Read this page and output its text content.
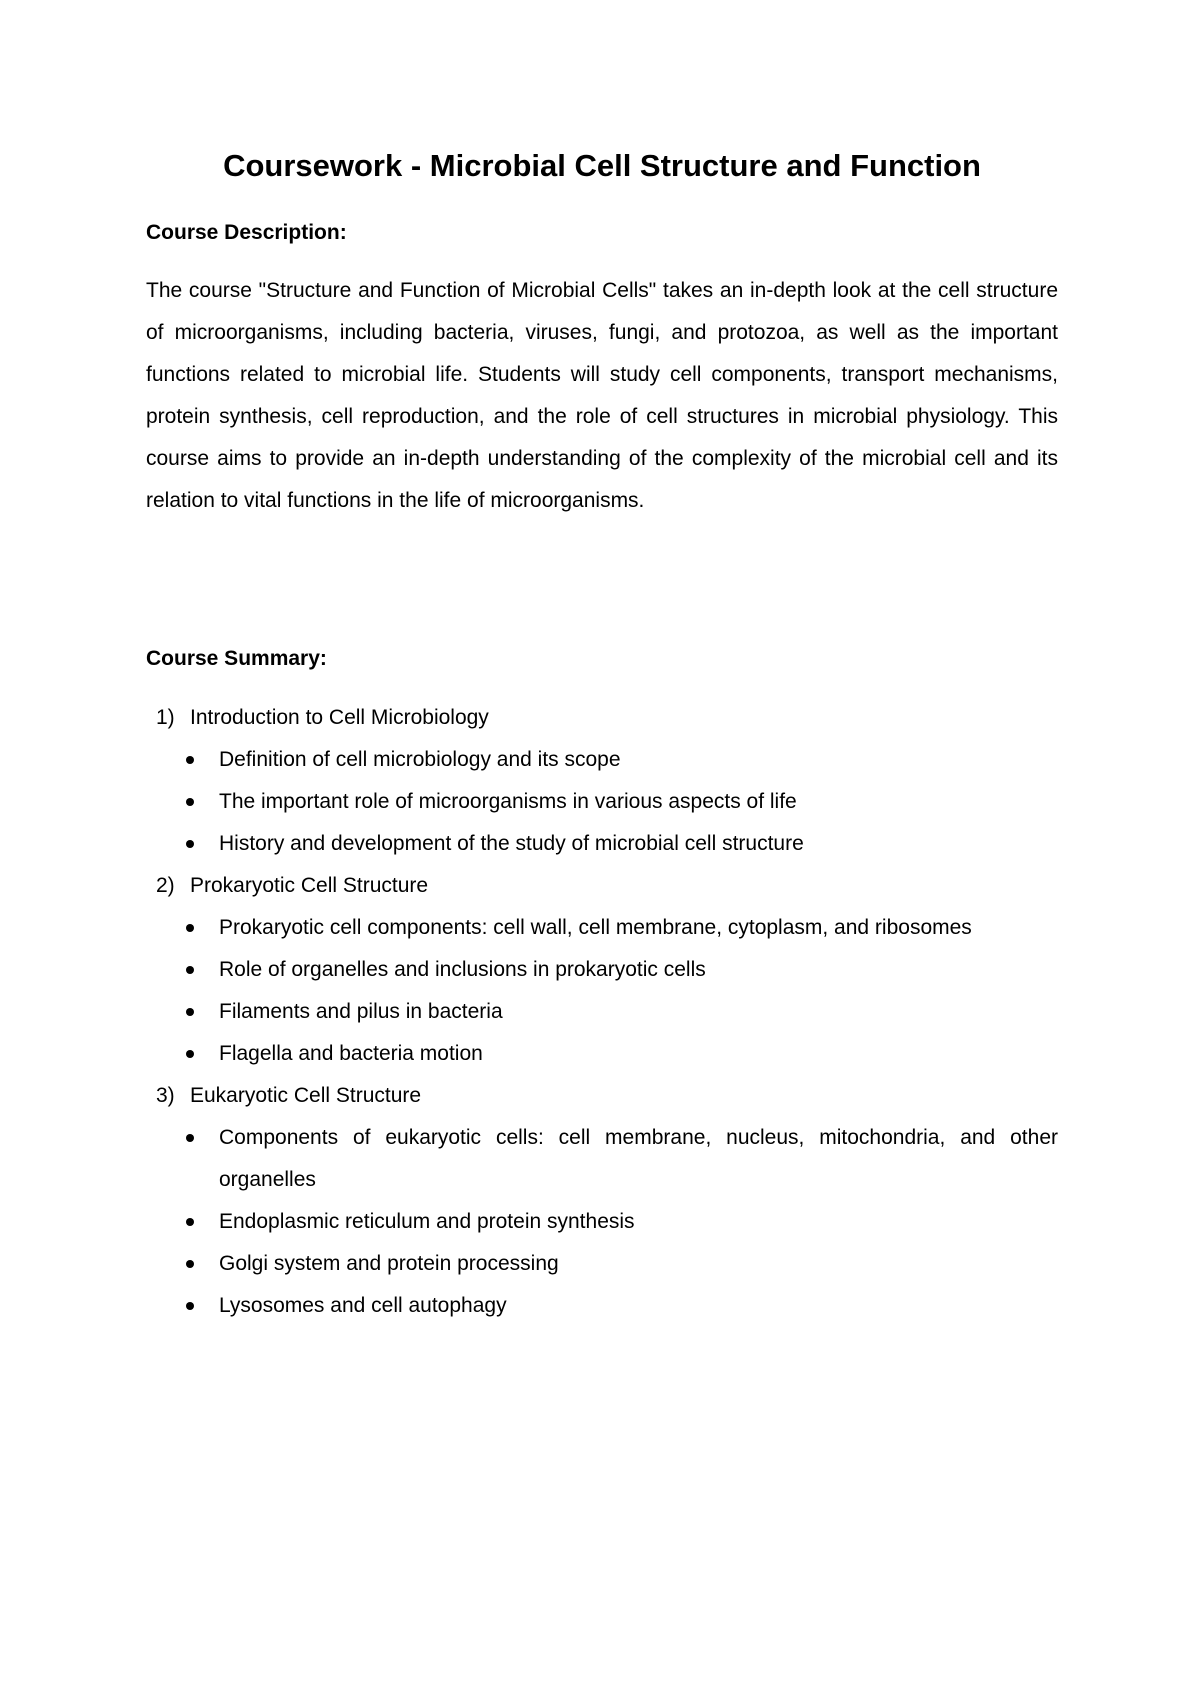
Coursework - Microbial Cell Structure and Function
Course Description:

The course "Structure and Function of Microbial Cells" takes an in-depth look at the cell structure of microorganisms, including bacteria, viruses, fungi, and protozoa, as well as the important functions related to microbial life. Students will study cell components, transport mechanisms, protein synthesis, cell reproduction, and the role of cell structures in microbial physiology. This course aims to provide an in-depth understanding of the complexity of the microbial cell and its relation to vital functions in the life of microorganisms.

Course Summary:
1) Introduction to Cell Microbiology
Definition of cell microbiology and its scope
The important role of microorganisms in various aspects of life
History and development of the study of microbial cell structure
2) Prokaryotic Cell Structure
Prokaryotic cell components: cell wall, cell membrane, cytoplasm, and ribosomes
Role of organelles and inclusions in prokaryotic cells
Filaments and pilus in bacteria
Flagella and bacteria motion
3) Eukaryotic Cell Structure
Components of eukaryotic cells: cell membrane, nucleus, mitochondria, and other organelles
Endoplasmic reticulum and protein synthesis
Golgi system and protein processing
Lysosomes and cell autophagy
